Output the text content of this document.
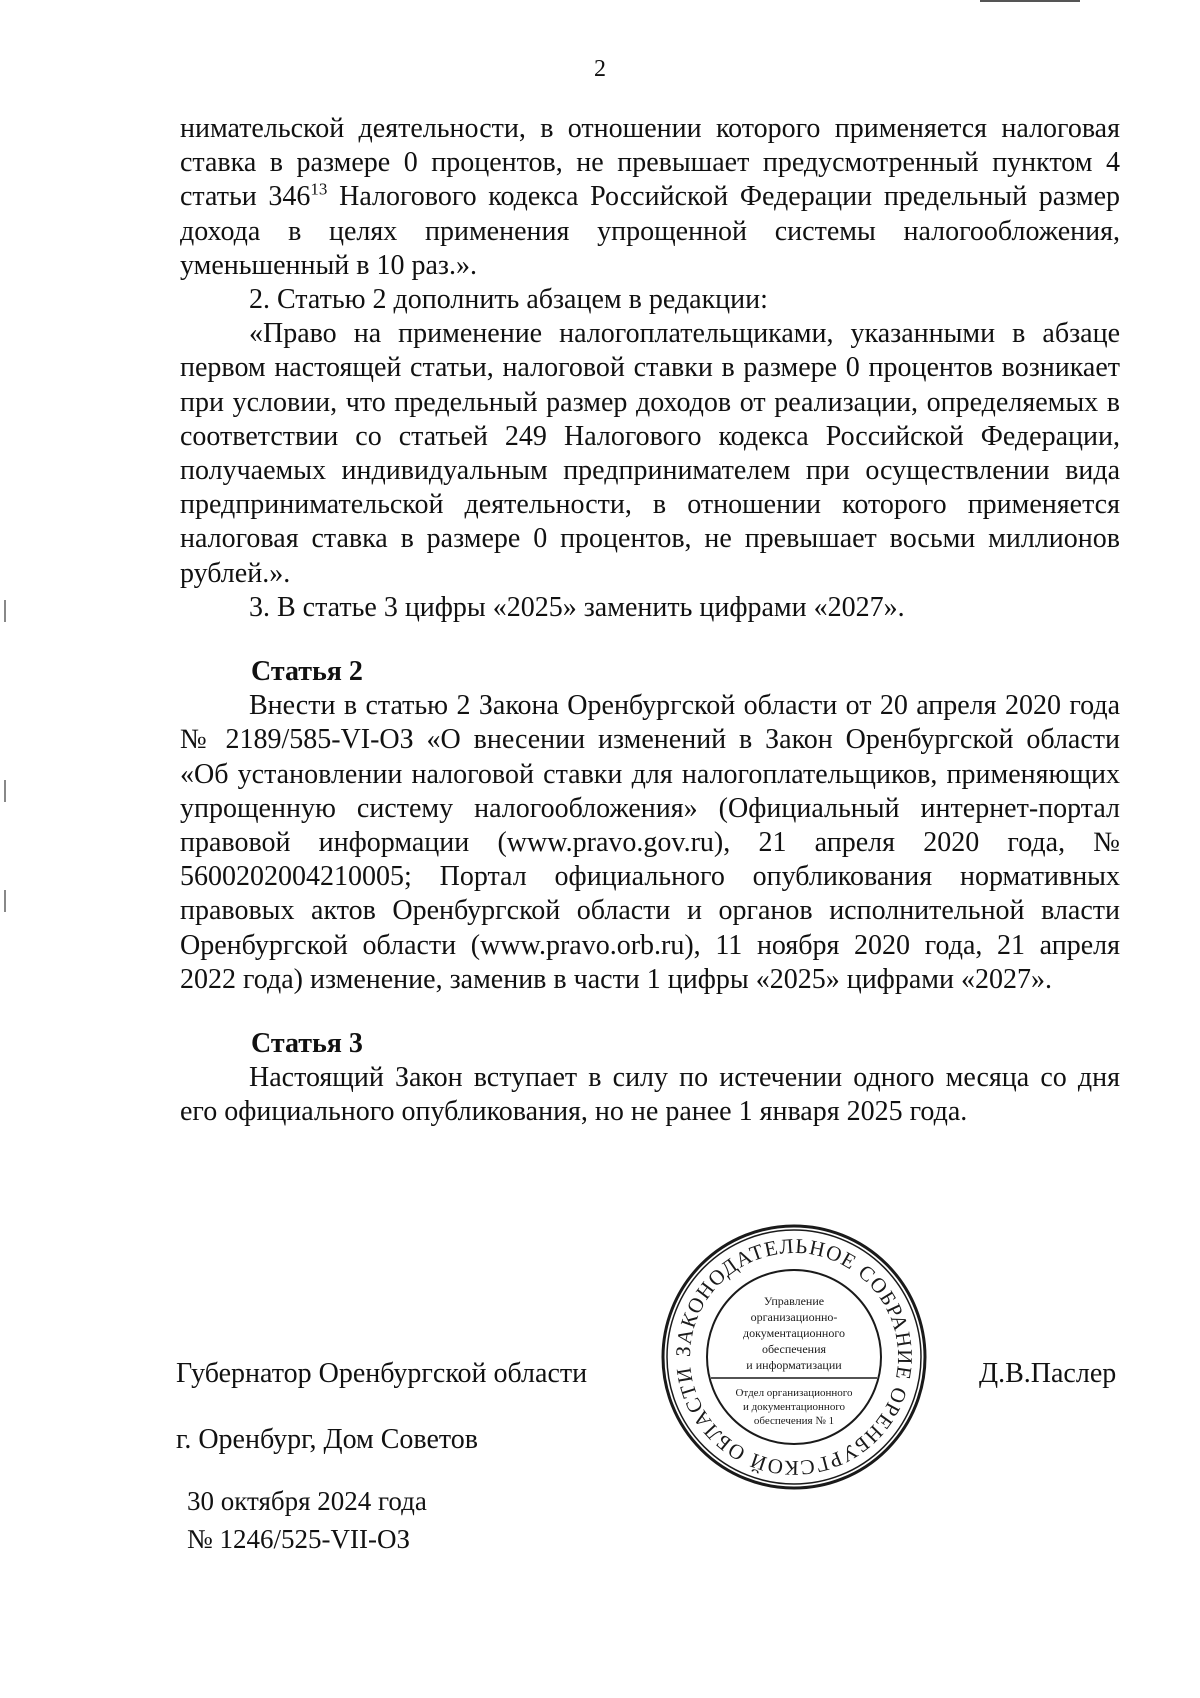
2

нимательской деятельности, в отношении которого применяется налоговая ставка в размере 0 процентов, не превышает предусмотренный пунктом 4 статьи $346^{13}$ Налогового кодекса Российской Федерации предельный размер дохода в целях применения упрощенной системы налогообложения, уменьшенный в 10 раз.».

2. Статью 2 дополнить абзацем в редакции:

«Право на применение налогоплательщиками, указанными в абзаце первом настоящей статьи, налоговой ставки в размере 0 процентов возникает при условии, что предельный размер доходов от реализации, определяемых в соответствии со статьей 249 Налогового кодекса Российской Федерации, получаемых индивидуальным предпринимателем при осуществлении вида предпринимательской деятельности, в отношении которого применяется налоговая ставка в размере 0 процентов, не превышает восьми миллионов рублей.».

3. В статье 3 цифры «2025» заменить цифрами «2027».

Статья 2

Внести в статью 2 Закона Оренбургской области от 20 апреля 2020 года № 2189/585-VI-ОЗ «О внесении изменений в Закон Оренбургской области «Об установлении налоговой ставки для налогоплательщиков, применяющих упрощенную систему налогообложения» (Официальный интернет-портал правовой информации (www.pravo.gov.ru), 21 апреля 2020 года, № 5600202004210005; Портал официального опубликования нормативных правовых актов Оренбургской области и органов исполнительной власти Оренбургской области (www.pravo.orb.ru), 11 ноября 2020 года, 21 апреля 2022 года) изменение, заменив в части 1 цифры «2025» цифрами «2027».

Статья 3

Настоящий Закон вступает в силу по истечении одного месяца со дня его официального опубликования, но не ранее 1 января 2025 года.

ЗАКОНОДАТЕЛЬНОЕ СОБРАНИЕ ОРЕНБУРГСКОЙ ОБЛАСТИ
Управление
организационно-
документационного
обеспечения
и информатизации
Отдел организационного
и документационного
обеспечения № 1
Губернатор Оренбургской области	Д.В.Паслер
г. Оренбург, Дом Советов
30 октября 2024 года
№ 1246/525-VII-ОЗ
